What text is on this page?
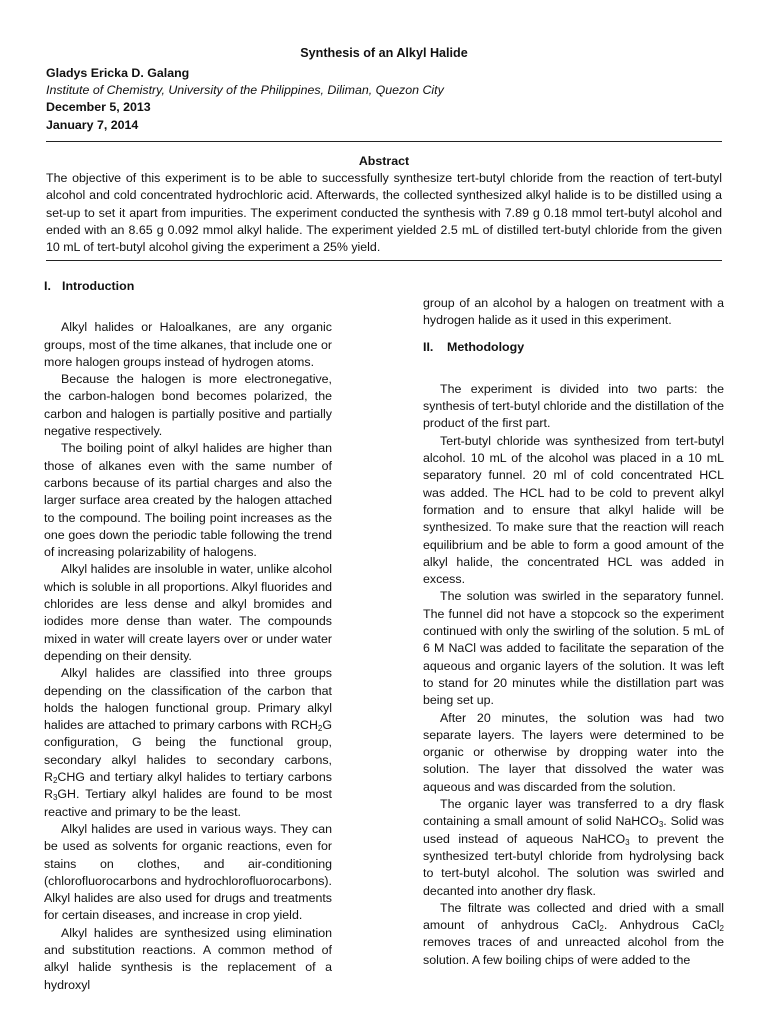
Synthesis of an Alkyl Halide
Gladys Ericka D. Galang
Institute of Chemistry, University of the Philippines, Diliman, Quezon City
December 5, 2013
January 7, 2014
Abstract
The objective of this experiment is to be able to successfully synthesize tert-butyl chloride from the reaction of tert-butyl alcohol and cold concentrated hydrochloric acid. Afterwards, the collected synthesized alkyl halide is to be distilled using a set-up to set it apart from impurities. The experiment conducted the synthesis with 7.89 g 0.18 mmol tert-butyl alcohol and ended with an 8.65 g 0.092 mmol alkyl halide. The experiment yielded 2.5 mL of distilled tert-butyl chloride from the given 10 mL of tert-butyl alcohol giving the experiment a 25% yield.
I. Introduction

Alkyl halides or Haloalkanes, are any organic groups, most of the time alkanes, that include one or more halogen groups instead of hydrogen atoms.

Because the halogen is more electronegative, the carbon-halogen bond becomes polarized, the carbon and halogen is partially positive and partially negative respectively.

The boiling point of alkyl halides are higher than those of alkanes even with the same number of carbons because of its partial charges and also the larger surface area created by the halogen attached to the compound. The boiling point increases as the one goes down the periodic table following the trend of increasing polarizability of halogens.

Alkyl halides are insoluble in water, unlike alcohol which is soluble in all proportions. Alkyl fluorides and chlorides are less dense and alkyl bromides and iodides more dense than water. The compounds mixed in water will create layers over or under water depending on their density.

Alkyl halides are classified into three groups depending on the classification of the carbon that holds the halogen functional group. Primary alkyl halides are attached to primary carbons with $RCH_2G$ configuration, G being the functional group, secondary alkyl halides to secondary carbons, $R_2CHG$ and tertiary alkyl halides to tertiary carbons $R_3GH$. Tertiary alkyl halides are found to be most reactive and primary to be the least.

Alkyl halides are used in various ways. They can be used as solvents for organic reactions, even for stains on clothes, and air-conditioning (chlorofluorocarbons and hydrochlorofluorocarbons). Alkyl halides are also used for drugs and treatments for certain diseases, and increase in crop yield.

Alkyl halides are synthesized using elimination and substitution reactions. A common method of alkyl halide synthesis is the replacement of a hydroxyl

group of an alcohol by a halogen on treatment with a hydrogen halide as it used in this experiment.

II.	Methodology

The experiment is divided into two parts: the synthesis of tert-butyl chloride and the distillation of the product of the first part.

Tert-butyl chloride was synthesized from tert-butyl alcohol. 10 mL of the alcohol was placed in a 10 mL separatory funnel. 20 ml of cold concentrated HCL was added. The HCL had to be cold to prevent alkyl formation and to ensure that alkyl halide will be synthesized. To make sure that the reaction will reach equilibrium and be able to form a good amount of the alkyl halide, the concentrated HCL was added in excess.

The solution was swirled in the separatory funnel. The funnel did not have a stopcock so the experiment continued with only the swirling of the solution. 5 mL of 6 M NaCl was added to facilitate the separation of the aqueous and organic layers of the solution. It was left to stand for 20 minutes while the distillation part was being set up.

After 20 minutes, the solution was had two separate layers. The layers were determined to be organic or otherwise by dropping water into the solution. The layer that dissolved the water was aqueous and was discarded from the solution.

The organic layer was transferred to a dry flask containing a small amount of solid NaHCO$_3$. Solid was used instead of aqueous NaHCO$_3$ to prevent the synthesized tert-butyl chloride from hydrolysing back to tert-butyl alcohol. The solution was swirled and decanted into another dry flask.

The filtrate was collected and dried with a small amount of anhydrous CaCl$_2$. Anhydrous CaCl$_2$ removes traces of and unreacted alcohol from the solution. A few boiling chips of were added to the
